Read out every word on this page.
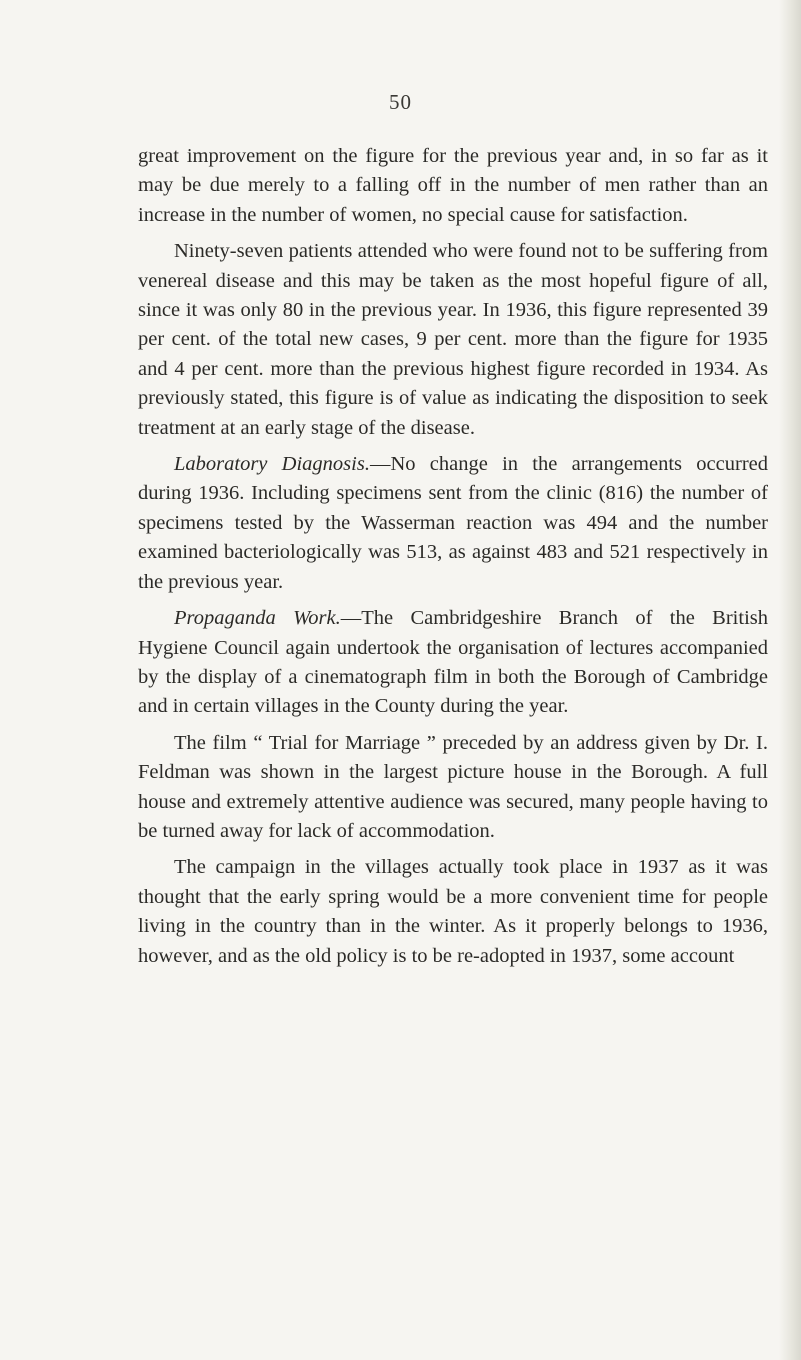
50

great improvement on the figure for the previous year and, in so far as it may be due merely to a falling off in the number of men rather than an increase in the number of women, no special cause for satisfaction.

Ninety-seven patients attended who were found not to be suffering from venereal disease and this may be taken as the most hopeful figure of all, since it was only 80 in the previous year. In 1936, this figure represented 39 per cent. of the total new cases, 9 per cent. more than the figure for 1935 and 4 per cent. more than the previous highest figure recorded in 1934. As previously stated, this figure is of value as indicating the disposition to seek treatment at an early stage of the disease.

Laboratory Diagnosis.—No change in the arrangements occurred during 1936. Including specimens sent from the clinic (816) the number of specimens tested by the Wasserman reaction was 494 and the number examined bacteriologically was 513, as against 483 and 521 respectively in the previous year.

Propaganda Work.—The Cambridgeshire Branch of the British Hygiene Council again undertook the organisation of lectures accompanied by the display of a cinematograph film in both the Borough of Cambridge and in certain villages in the County during the year.

The film “ Trial for Marriage ” preceded by an address given by Dr. I. Feldman was shown in the largest picture house in the Borough. A full house and extremely attentive audience was secured, many people having to be turned away for lack of accommodation.

The campaign in the villages actually took place in 1937 as it was thought that the early spring would be a more convenient time for people living in the country than in the winter. As it properly belongs to 1936, however, and as the old policy is to be re-adopted in 1937, some account
